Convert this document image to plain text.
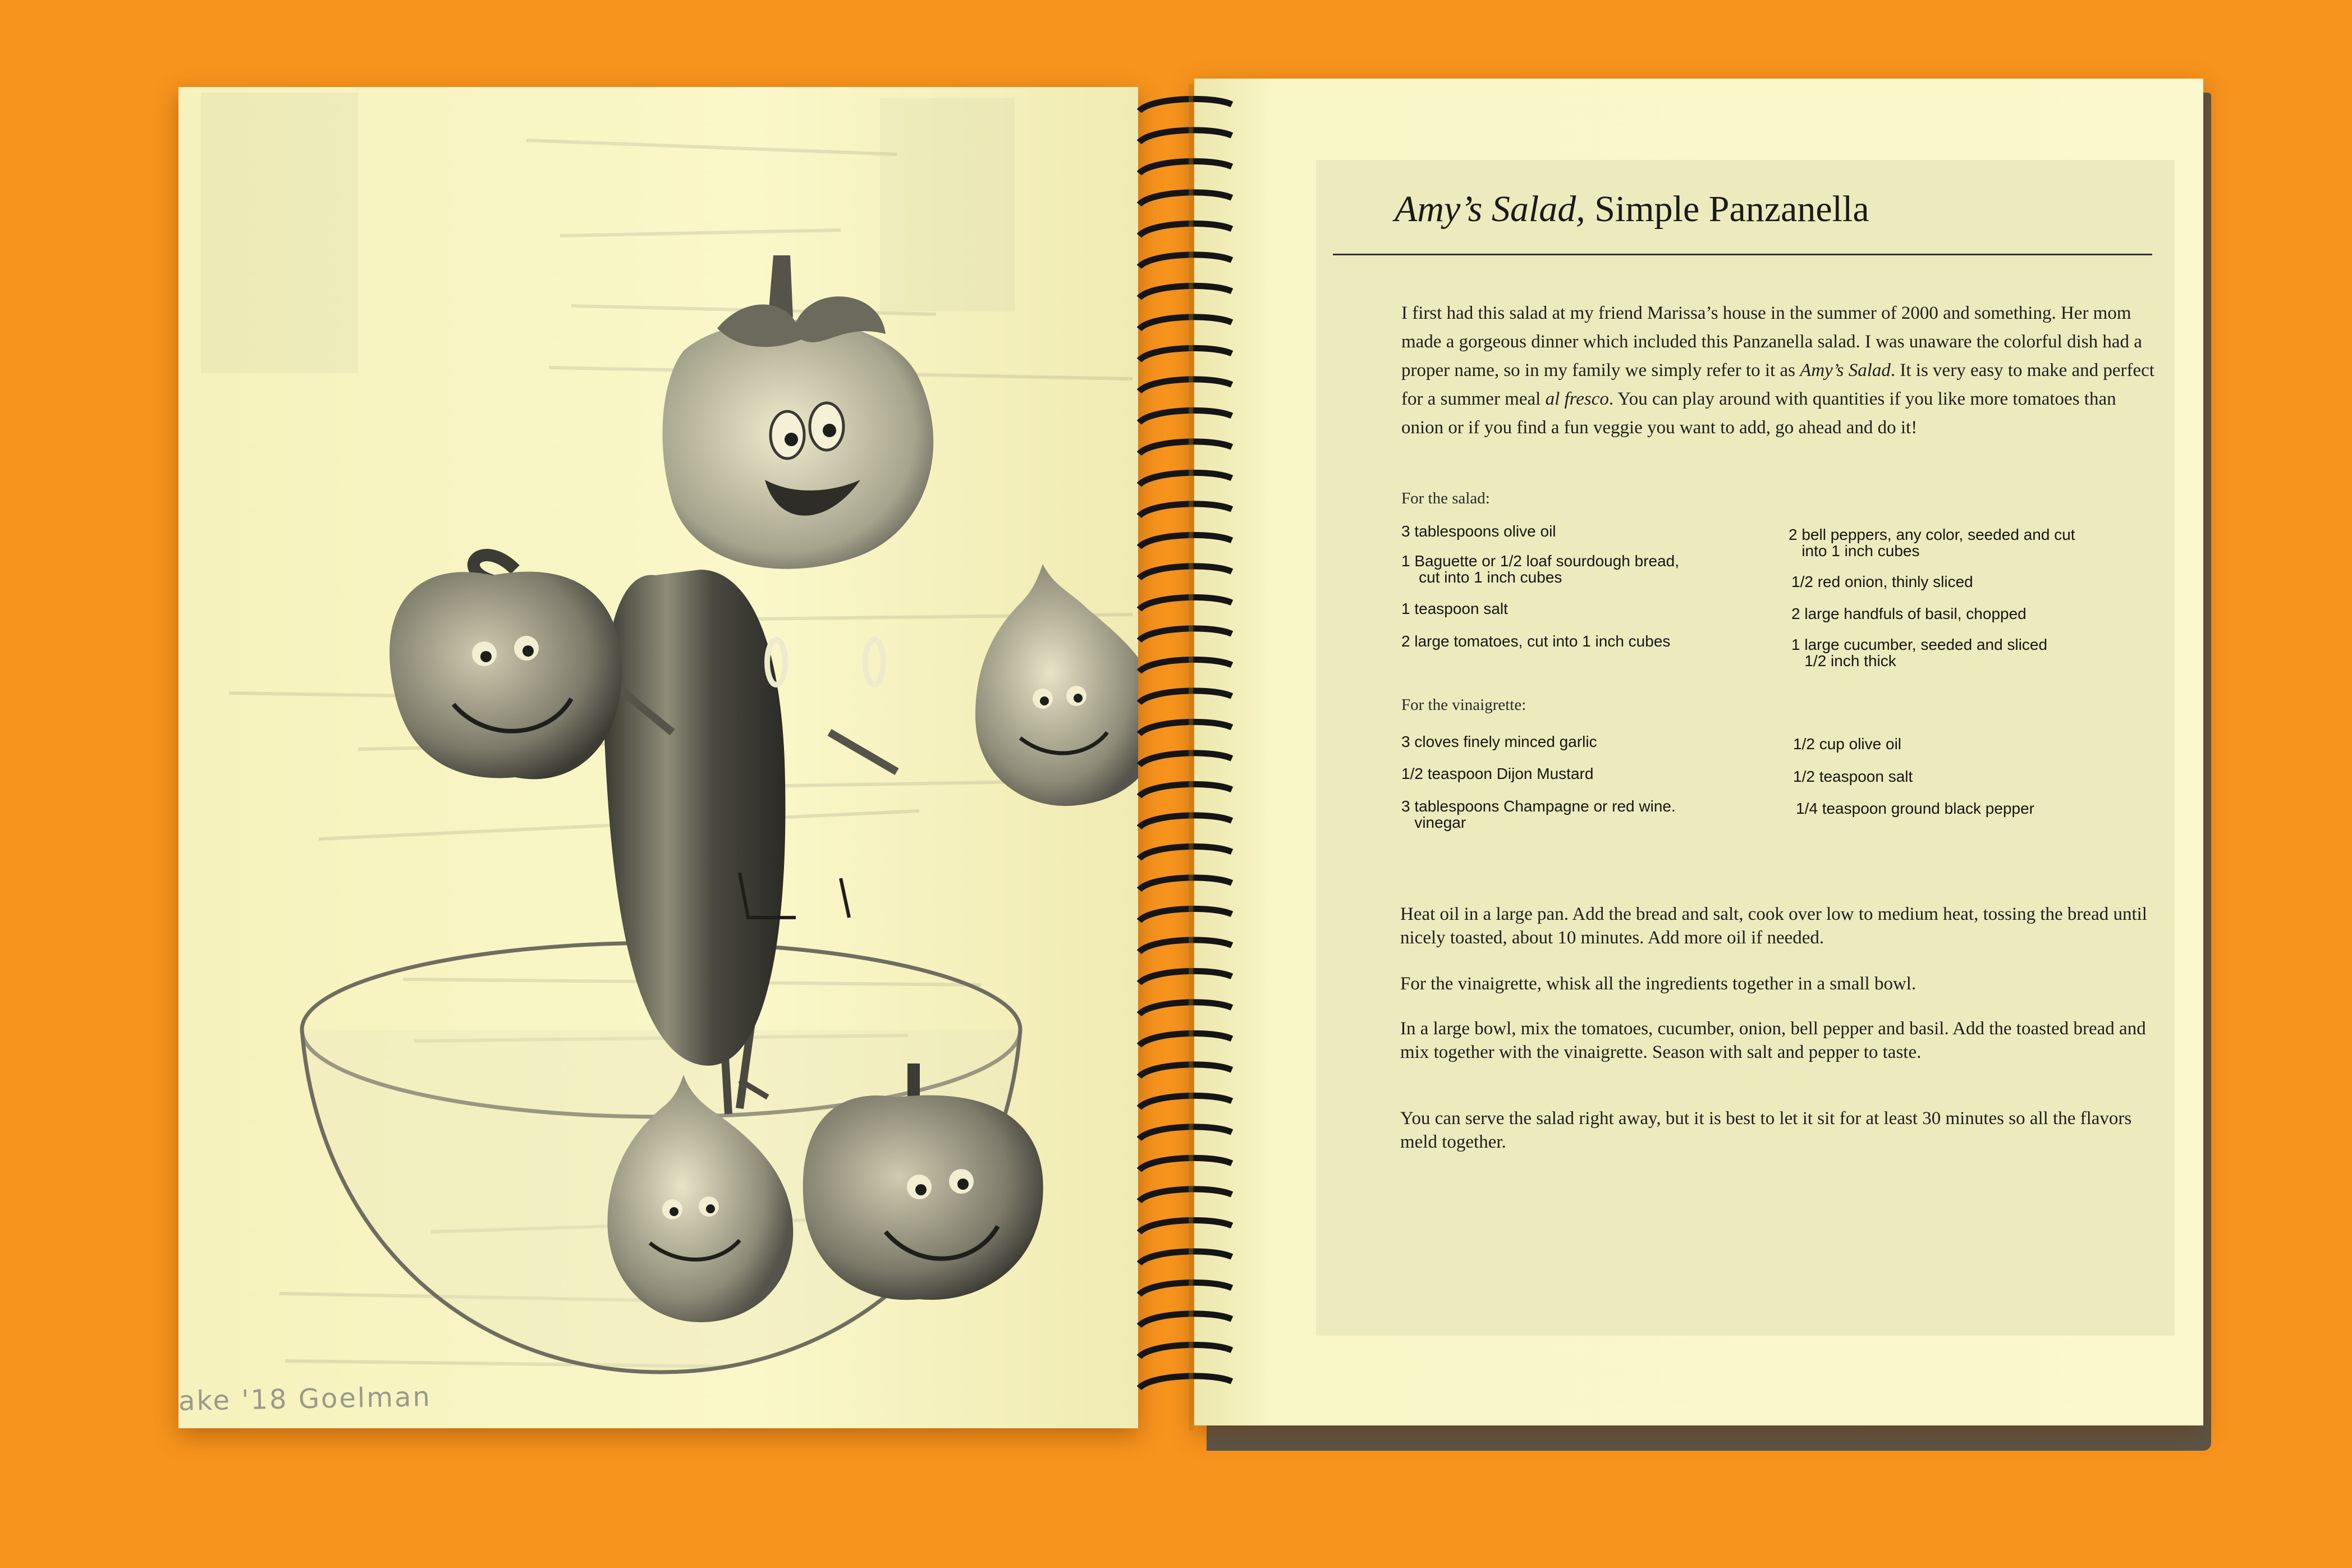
ake '18 Goelman
Amy’s Salad, Simple Panzanella
I first had this salad at my friend Marissa’s house in the summer of 2000 and something. Her mom made a gorgeous dinner which included this Panzanella salad. I was unaware the colorful dish had a proper name, so in my family we simply refer to it as Amy’s Salad. It is very easy to make and perfect for a summer meal al fresco. You can play around with quantities if you like more tomatoes than onion or if you find a fun veggie you want to add, go ahead and do it!
For the salad:
3 tablespoons olive oil
1 Baguette or 1/2 loaf sourdough bread,
cut into 1 inch cubes
1 teaspoon salt
2 large tomatoes, cut into 1 inch cubes
2 bell peppers, any color, seeded and cut
into 1 inch cubes
1/2 red onion, thinly sliced
2 large handfuls of basil, chopped
1 large cucumber, seeded and sliced
1/2 inch thick
For the vinaigrette:
3 cloves finely minced garlic
1/2 teaspoon Dijon Mustard
3 tablespoons Champagne or red wine.
vinegar
1/2 cup olive oil
1/2 teaspoon salt
1/4 teaspoon ground black pepper
Heat oil in a large pan. Add the bread and salt, cook over low to medium heat, tossing the bread until nicely toasted, about 10 minutes. Add more oil if needed.
For the vinaigrette, whisk all the ingredients together in a small bowl.
In a large bowl, mix the tomatoes, cucumber, onion, bell pepper and basil. Add the toasted bread and mix together with the vinaigrette. Season with salt and pepper to taste.
You can serve the salad right away, but it is best to let it sit for at least 30 minutes so all the flavors meld together.
